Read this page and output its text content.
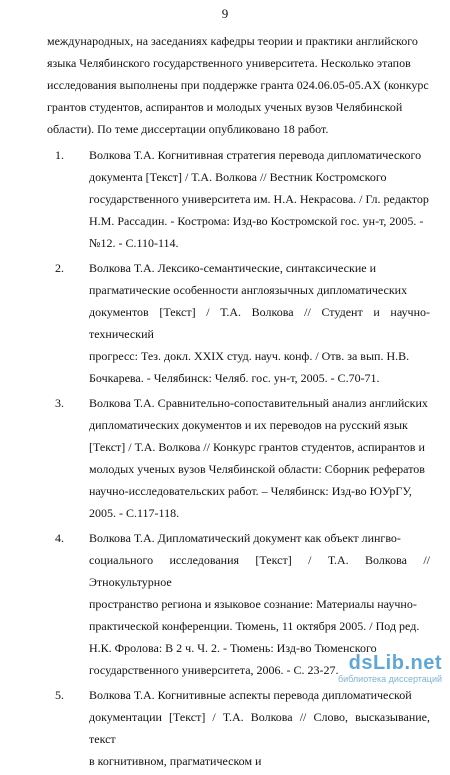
9

международных, на заседаниях кафедры теории и практики английского
языка Челябинского государственного университета. Несколько этапов
исследования выполнены при поддержке гранта 024.06.05-05.АХ (конкурс
грантов студентов, аспирантов и молодых ученых вузов Челябинской
области). По теме диссертации опубликовано 18 работ.

1. Волкова Т.А. Когнитивная стратегия перевода дипломатического
документа [Текст] / Т.А. Волкова // Вестник Костромского
государственного университета им. Н.А. Некрасова. / Гл. редактор
Н.М. Рассадин. - Кострома: Изд-во Костромской гос. ун-т, 2005. -
№12. - С.110-114.
2. Волкова Т.А. Лексико-семантические, синтаксические и
прагматические особенности англоязычных дипломатических
документов [Текст] / Т.А. Волкова // Студент и научно-технический
прогресс: Тез. докл. XXIX студ. науч. конф. / Отв. за вып. Н.В.
Бочкарева. - Челябинск: Челяб. гос. ун-т, 2005. - С.70-71.
3. Волкова Т.А. Сравнительно-сопоставительный анализ английских
дипломатических документов и их переводов на русский язык
[Текст] / Т.А. Волкова // Конкурс грантов студентов, аспирантов и
молодых ученых вузов Челябинской области: Сборник рефератов
научно-исследовательских работ. – Челябинск: Изд-во ЮУрГУ,
2005. - С.117-118.
4. Волкова Т.А. Дипломатический документ как объект лингво-
социального исследования [Текст] / Т.А. Волкова // Этнокультурное
пространство региона и языковое сознание: Материалы научно-
практической конференции. Тюмень, 11 октября 2005. / Под ред.
Н.К. Фролова: В 2 ч. Ч. 2. - Тюмень: Изд-во Тюменского
государственного университета, 2006. - С. 23-27.
5. Волкова Т.А. Когнитивные аспекты перевода дипломатической
документации [Текст] / Т.А. Волкова // Слово, высказывание, текст
в когнитивном, прагматическом и
dsLib.net
библиотека диссертаций
